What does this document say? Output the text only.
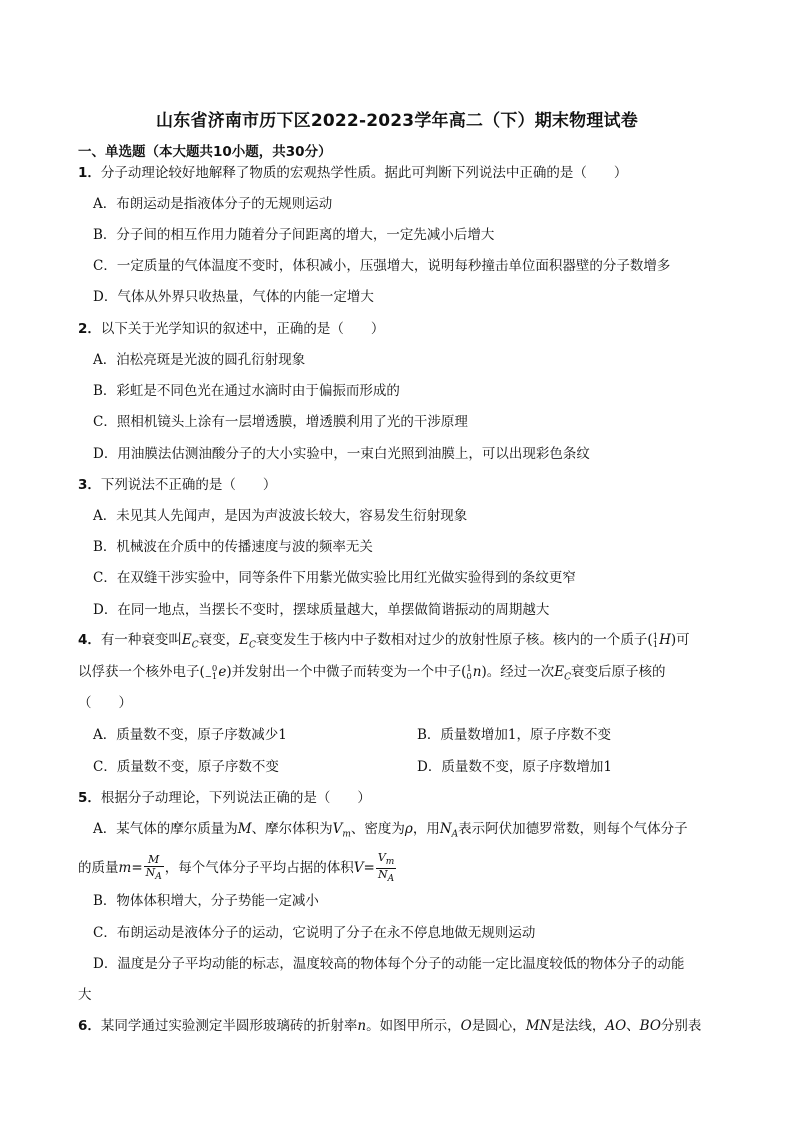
山东省济南市历下区2022-2023学年高二（下）期末物理试卷
一、单选题（本大题共10小题，共30分）
1．分子动理论较好地解释了物质的宏观热学性质。据此可判断下列说法中正确的是（　　）
A．布朗运动是指液体分子的无规则运动
B．分子间的相互作用力随着分子间距离的增大，一定先减小后增大
C．一定质量的气体温度不变时，体积减小，压强增大，说明每秒撞击单位面积器壁的分子数增多
D．气体从外界只收热量，气体的内能一定增大
2．以下关于光学知识的叙述中，正确的是（　　）
A．泊松亮斑是光波的圆孔衍射现象
B．彩虹是不同色光在通过水滴时由于偏振而形成的
C．照相机镜头上涂有一层增透膜，增透膜利用了光的干涉原理
D．用油膜法估测油酸分子的大小实验中，一束白光照到油膜上，可以出现彩色条纹
3．下列说法不正确的是（　　）
A．未见其人先闻声，是因为声波波长较大，容易发生衍射现象
B．机械波在介质中的传播速度与波的频率无关
C．在双缝干涉实验中，同等条件下用紫光做实验比用红光做实验得到的条纹更窄
D．在同一地点，当摆长不变时，摆球质量越大，单摆做简谐振动的周期越大
4．有一种衰变叫$E_C$衰变，$E_C$衰变发生于核内中子数相对过少的放射性原子核。核内的一个质子( 1
1 H)可
以俘获一个核外电子( 0
−1 e)并发射出一个中微子而转变为一个中子( 1
0 n)。经过一次$E_C$衰变后原子核的
（　　）
A．质量数不变，原子序数减少1	B．质量数增加1，原子序数不变
C．质量数不变，原子序数不变	D．质量数不变，原子序数增加1
5．根据分子动理论，下列说法正确的是（　　）
A．某气体的摩尔质量为M、摩尔体积为$V_m$、密度为ρ，用$N_A$表示阿伏加德罗常数，则每个气体分子
的质量$m= \frac{M}{N_A}$ ，每个气体分子平均占据的体积$V= \frac{V_m}{N_A}$
B．物体体积增大，分子势能一定减小
C．布朗运动是液体分子的运动，它说明了分子在永不停息地做无规则运动
D．温度是分子平均动能的标志，温度较高的物体每个分子的动能一定比温度较低的物体分子的动能
大
6．某同学通过实验测定半圆形玻璃砖的折射率n。如图甲所示，O是圆心，MN是法线，AO、BO分别表
